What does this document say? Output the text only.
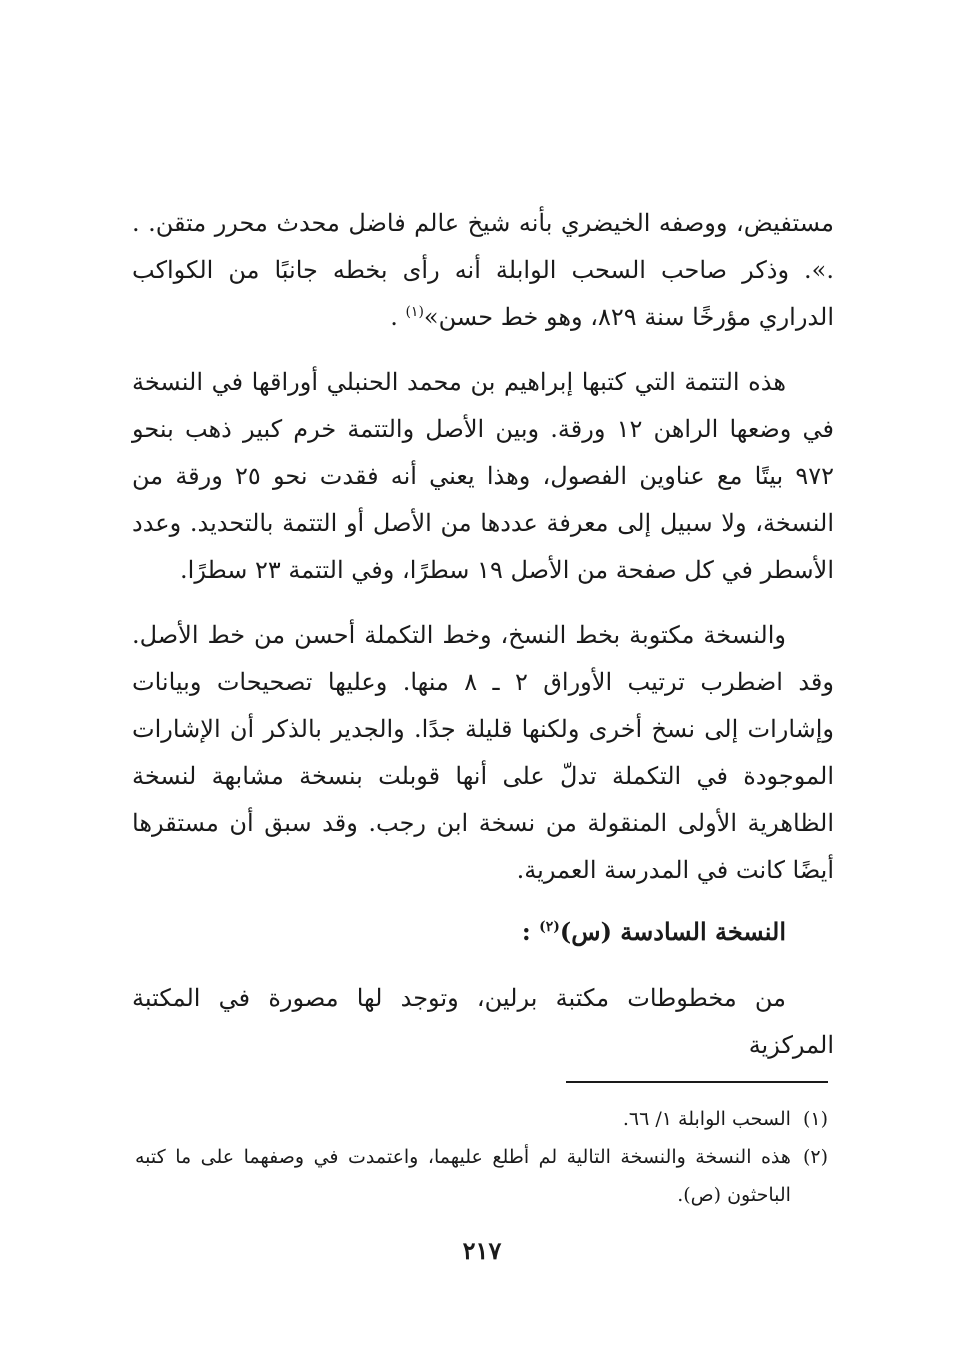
مستفيض، ووصفه الخيضري بأنه شيخ عالم فاضل محدث محرر متقن. . .». وذكر صاحب السحب الوابلة أنه رأى بخطه جانبًا من الكواكب الدراري مؤرخًا سنة ٨٢٩، وهو خط حسن»$^{(١)}$ .

هذه التتمة التي كتبها إبراهيم بن محمد الحنبلي أوراقها في النسخة في وضعها الراهن ١٢ ورقة. وبين الأصل والتتمة خرم كبير ذهب بنحو ٩٧٢ بيتًا مع عناوين الفصول، وهذا يعني أنه فقدت نحو ٢٥ ورقة من النسخة، ولا سبيل إلى معرفة عددها من الأصل أو التتمة بالتحديد. وعدد الأسطر في كل صفحة من الأصل ١٩ سطرًا، وفي التتمة ٢٣ سطرًا.

والنسخة مكتوبة بخط النسخ، وخط التكملة أحسن من خط الأصل. وقد اضطرب ترتيب الأوراق ٢ ـ ٨ منها. وعليها تصحيحات وبيانات وإشارات إلى نسخ أخرى ولكنها قليلة جدًا. والجدير بالذكر أن الإشارات الموجودة في التكملة تدلّ على أنها قوبلت بنسخة مشابهة لنسخة الظاهرية الأولى المنقولة من نسخة ابن رجب. وقد سبق أن مستقرها أيضًا كانت في المدرسة العمرية.

النسخة السادسة (س)$^{(٢)}$ :

من مخطوطات مكتبة برلين، وتوجد لها مصورة في المكتبة المركزية

(١)
السحب الوابلة ١/ ٦٦.
(٢)
هذه النسخة والنسخة التالية لم أطلع عليهما، واعتمدت في وصفهما على ما كتبه الباحثون (ص).
٢١٧
